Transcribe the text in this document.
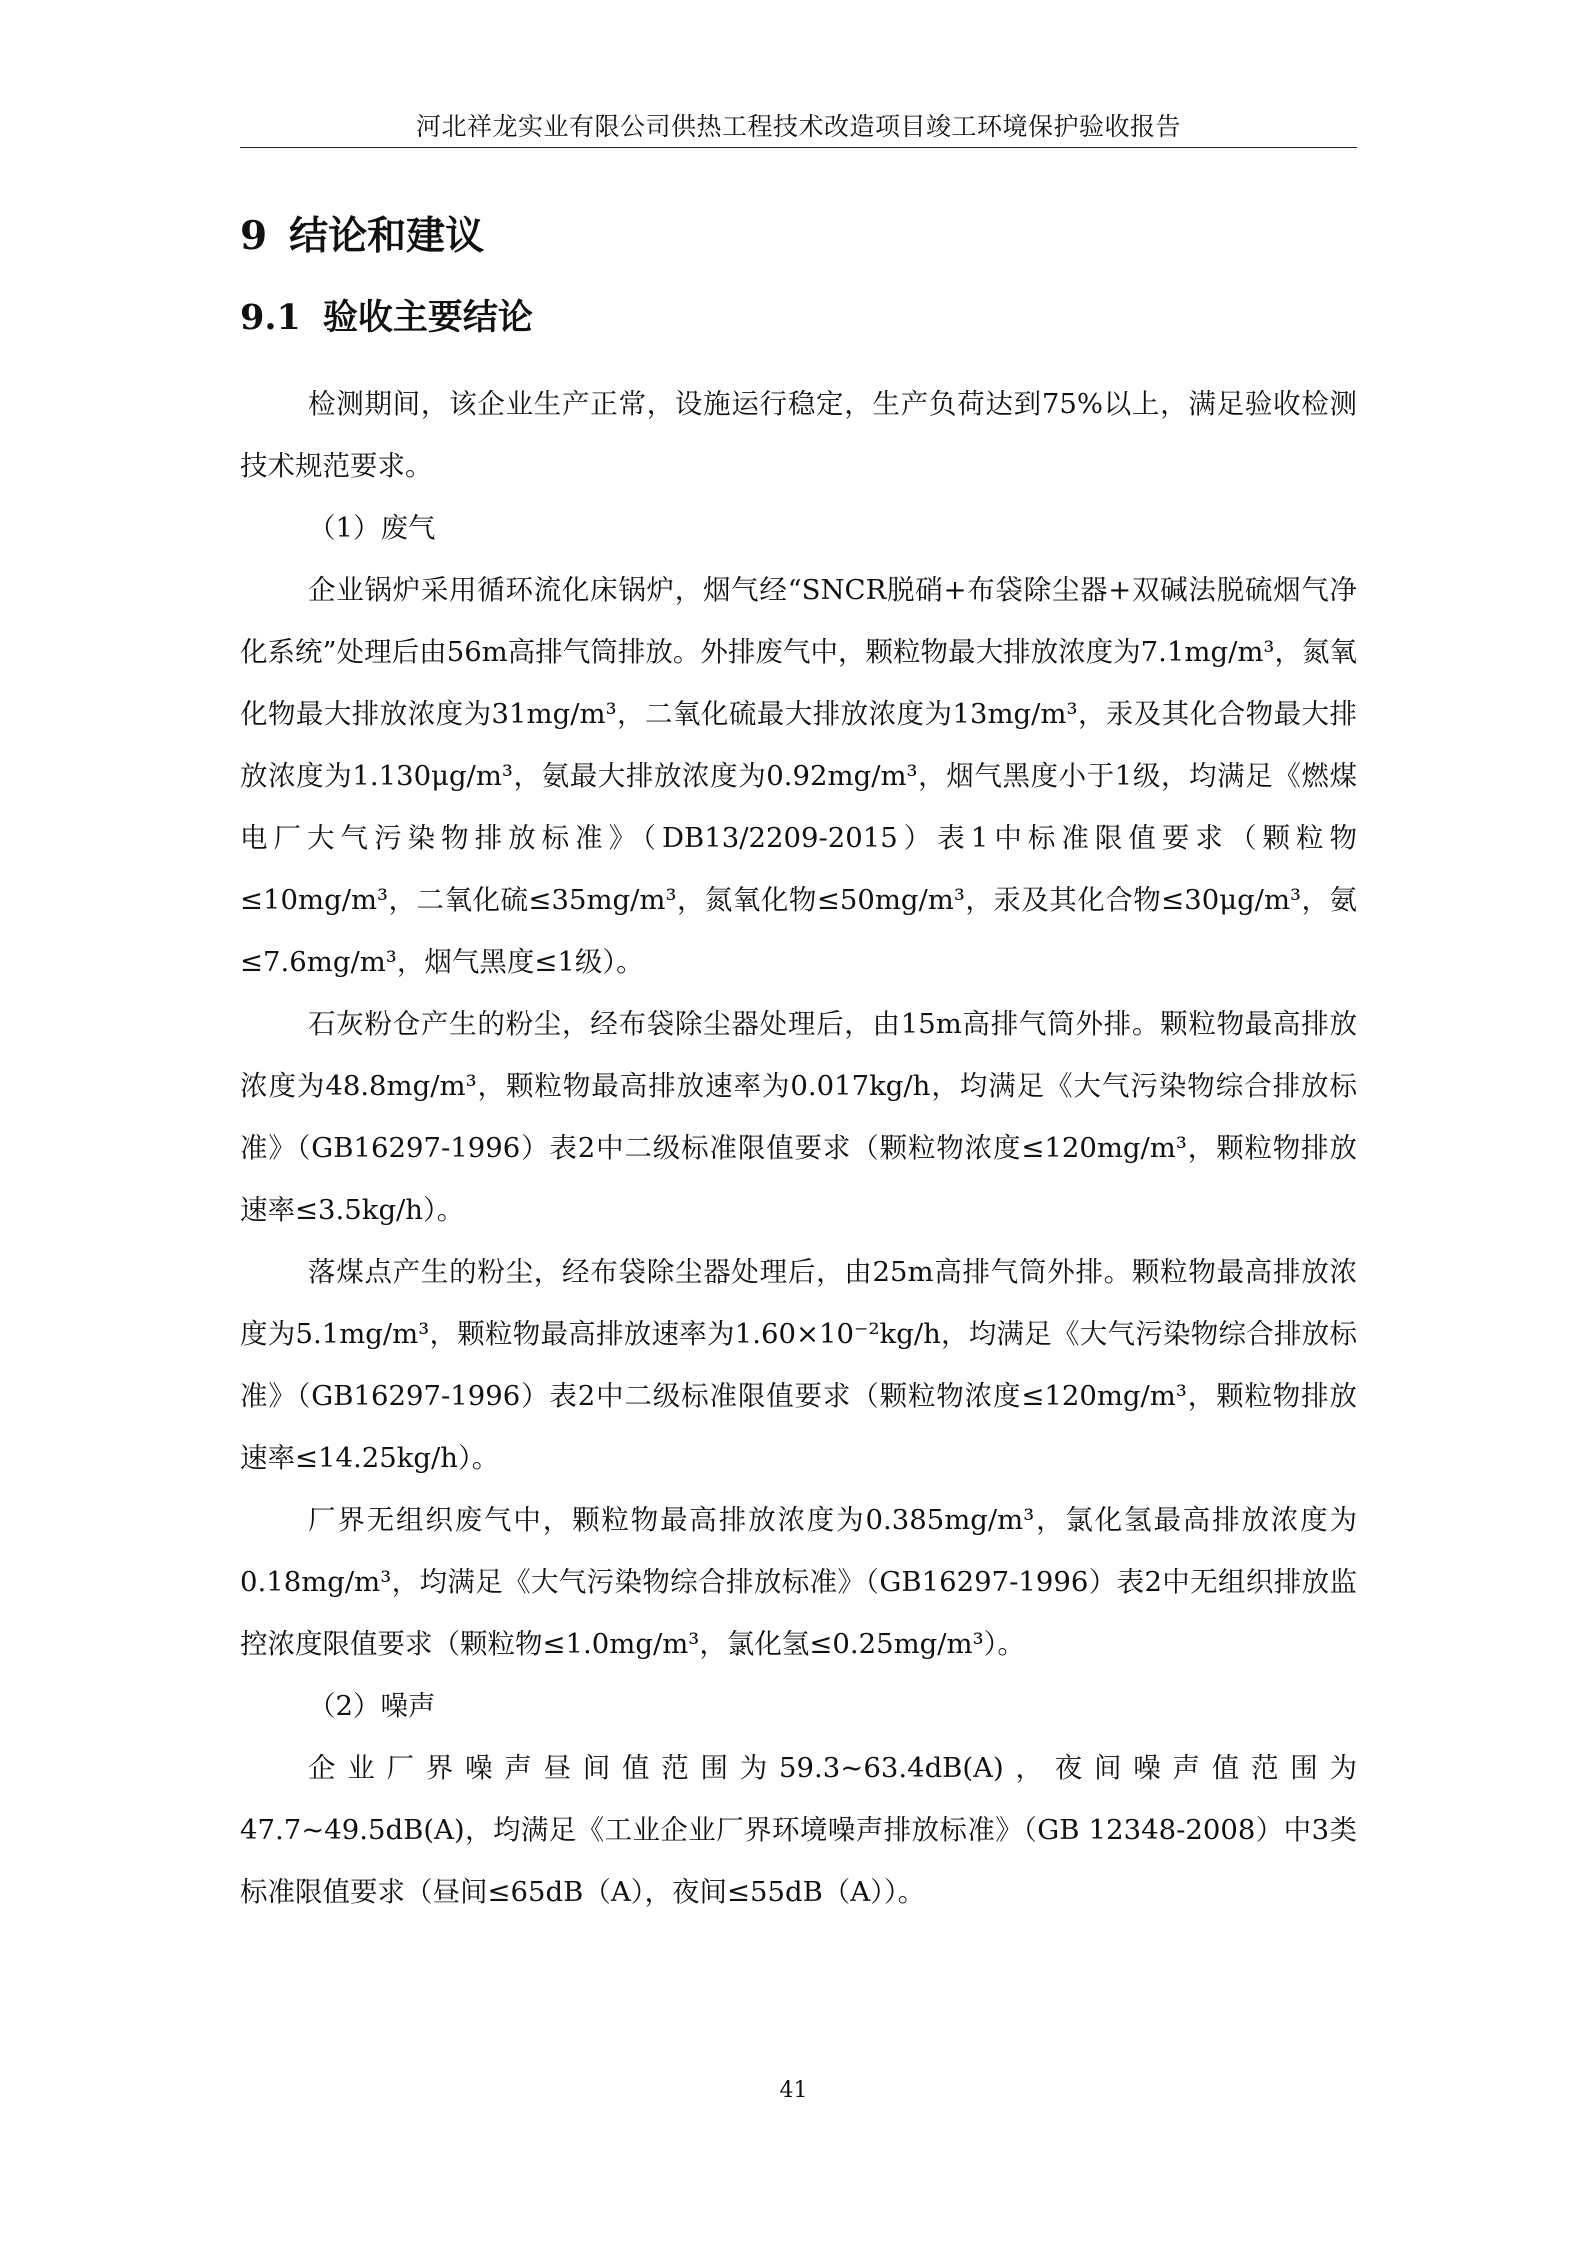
河北祥龙实业有限公司供热工程技术改造项目竣工环境保护验收报告
9 结论和建议
9.1 验收主要结论

检测期间，该企业生产正常，设施运行稳定，生产负荷达到75%以上，满足验收检测技术规范要求。

（1）废气

企业锅炉采用循环流化床锅炉，烟气经“SNCR脱硝+布袋除尘器+双碱法脱硫烟气净化系统”处理后由56m高排气筒排放。外排废气中，颗粒物最大排放浓度为7.1mg/m³，氮氧化物最大排放浓度为31mg/m³，二氧化硫最大排放浓度为13mg/m³，汞及其化合物最大排放浓度为1.130μg/m³，氨最大排放浓度为0.92mg/m³，烟气黑度小于1级，均满足《燃煤电厂大气污染物排放标准》（DB13/2209-2015）表1中标准限值要求（颗粒物≤10mg/m³，二氧化硫≤35mg/m³，氮氧化物≤50mg/m³，汞及其化合物≤30μg/m³，氨≤7.6mg/m³，烟气黑度≤1级）。

石灰粉仓产生的粉尘，经布袋除尘器处理后，由15m高排气筒外排。颗粒物最高排放浓度为48.8mg/m³，颗粒物最高排放速率为0.017kg/h，均满足《大气污染物综合排放标准》（GB16297-1996）表2中二级标准限值要求（颗粒物浓度≤120mg/m³，颗粒物排放速率≤3.5kg/h）。

落煤点产生的粉尘，经布袋除尘器处理后，由25m高排气筒外排。颗粒物最高排放浓度为5.1mg/m³，颗粒物最高排放速率为1.60×10⁻²kg/h，均满足《大气污染物综合排放标准》（GB16297-1996）表2中二级标准限值要求（颗粒物浓度≤120mg/m³，颗粒物排放速率≤14.25kg/h）。

厂界无组织废气中，颗粒物最高排放浓度为0.385mg/m³，氯化氢最高排放浓度为0.18mg/m³，均满足《大气污染物综合排放标准》（GB16297-1996）表2中无组织排放监控浓度限值要求（颗粒物≤1.0mg/m³，氯化氢≤0.25mg/m³）。

（2）噪声

企业厂界噪声昼间值范围为59.3~63.4dB(A)，夜间噪声值范围为47.7~49.5dB(A)，均满足《工业企业厂界环境噪声排放标准》（GB 12348-2008）中3类标准限值要求（昼间≤65dB（A），夜间≤55dB（A））。

41
